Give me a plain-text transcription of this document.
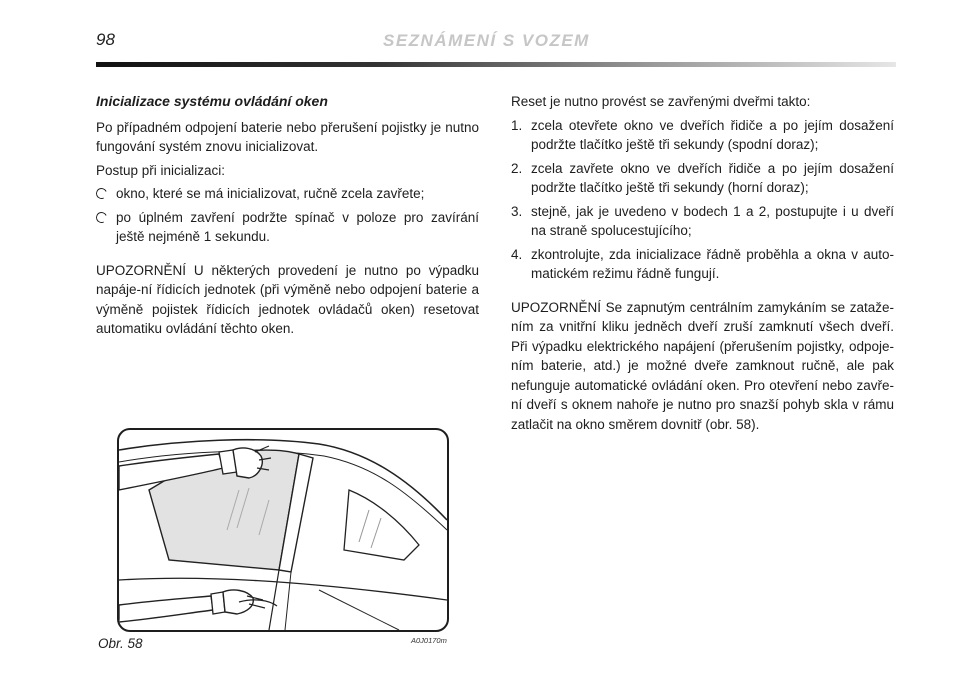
98	SEZNÁMENÍ S VOZEM
Inicializace systému ovládání oken

Po případném odpojení baterie nebo přerušení pojistky je nutno fungování systém znovu inicializovat.

Postup při inicializaci:

okno, které se má inicializovat, ručně zcela zavřete;
po úplném zavření podržte spínač v poloze pro zavírání ještě nejméně 1 sekundu.

UPOZORNĚNÍ U některých provedení je nutno po výpadku napáje-ní řídicích jednotek (při výměně nebo odpojení baterie a výměně pojistek řídicích jednotek ovládačů oken) resetovat automatiku ovládání těchto oken.

Reset je nutno provést se zavřenými dveřmi takto:

1. zcela otevřete okno ve dveřích řidiče a po jejím dosažení podržte tlačítko ještě tři sekundy (spodní doraz);
2. zcela zavřete okno ve dveřích řidiče a po jejím dosažení podržte tlačítko ještě tři sekundy (horní doraz);
3. stejně, jak je uvedeno v bodech 1 a 2, postupujte i u dveří na straně spolucestujícího;
4. zkontrolujte, zda inicializace řádně proběhla a okna v auto-matickém režimu řádně fungují.

UPOZORNĚNÍ Se zapnutým centrálním zamykáním se zataže-ním za vnitřní kliku jedněch dveří zruší zamknutí všech dveří. Při výpadku elektrického napájení (přerušením pojistky, odpoje-ním baterie, atd.) je možné dveře zamknout ručně, ale pak nefunguje automatické ovládání oken. Pro otevření nebo zavře-ní dveří s oknem nahoře je nutno pro snazší pohyb skla v rámu zatlačit na okno směrem dovnitř (obr. 58).

Obr. 58	A0J0170m
